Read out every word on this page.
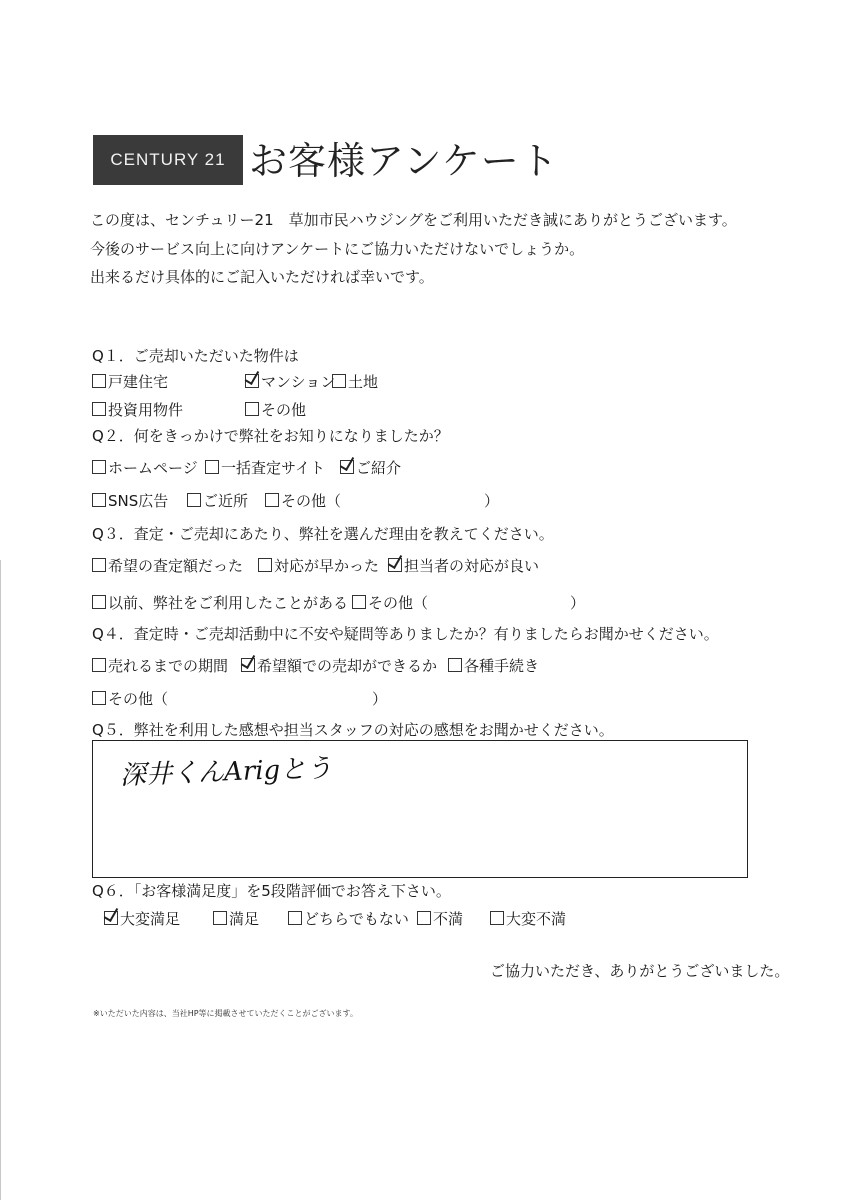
CENTURY 21 お客様アンケート
この度は、センチュリー21　草加市民ハウジングをご利用いただき誠にありがとうございます。
今後のサービス向上に向けアンケートにご協力いただけないでしょうか。
出来るだけ具体的にご記入いただければ幸いです。
Q１．ご売却いただいた物件は
戸建住宅	マンション 土地
投資用物件	その他
Q２．何をきっかけで弊社をお知りになりましたか？
ホームページ	一括査定サイト	ご紹介
SNS広告	ご近所	その他（	）
Q３．査定・ご売却にあたり、弊社を選んだ理由を教えてください。
希望の査定額だった	対応が早かった	担当者の対応が良い
以前、弊社をご利用したことがある	その他（	）
Q４．査定時・ご売却活動中に不安や疑問等ありましたか？有りましたらお聞かせください。
売れるまでの期間	希望額での売却ができるか	各種手続き
その他（	）
Q５．弊社を利用した感想や担当スタッフの対応の感想をお聞かせください。
深井くんArigとう
Q６．「お客様満足度」を5段階評価でお答え下さい。
大変満足	満足	どちらでもない	不満	大変不満
ご協力いただき、ありがとうございました。
※いただいた内容は、当社HP等に掲載させていただくことがございます。
